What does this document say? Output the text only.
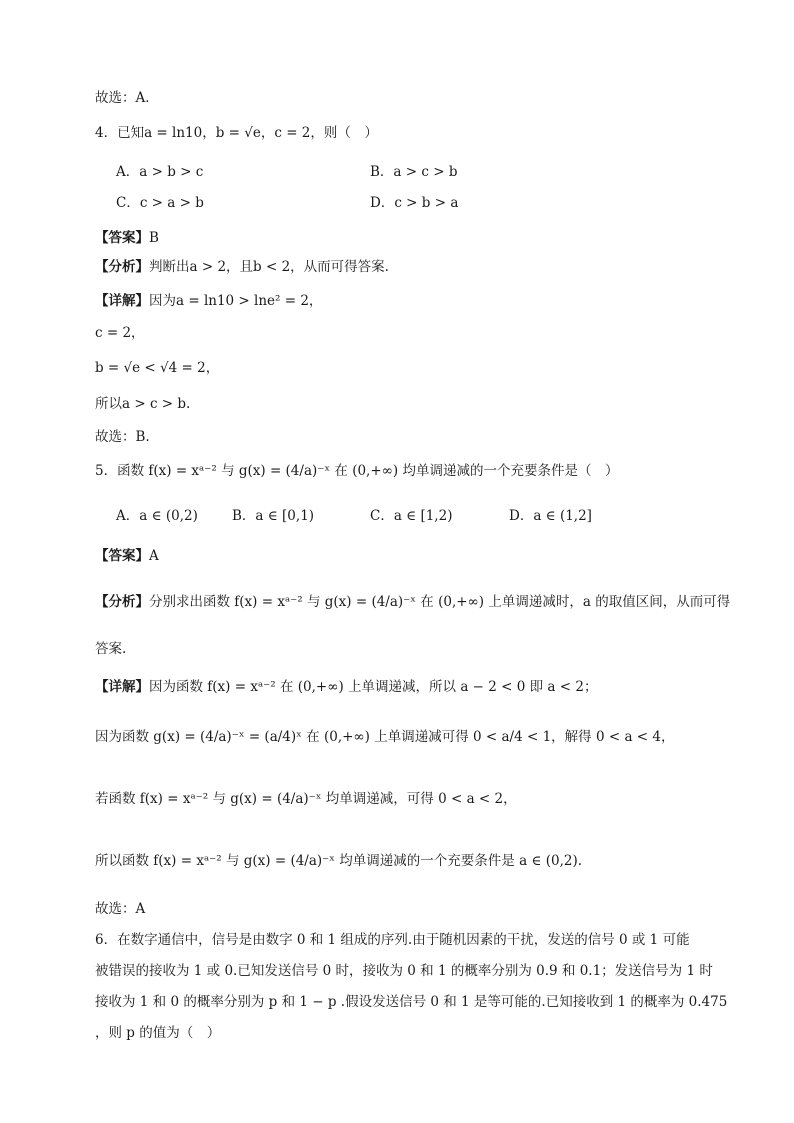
故选：A．
4．已知a = ln10，b = √e，c = 2，则（　）
A．a > b > c	B．a > c > b
C．c > a > b	D．c > b > a
【答案】B
【分析】判断出a > 2，且b < 2，从而可得答案.
【详解】因为a = ln10 > lne² = 2，
c = 2，
b = √e < √4 = 2，
所以a > c > b.
故选：B.
5．函数 f(x) = xᵃ⁻² 与 g(x) = (4/a)⁻ˣ 在 (0,+∞) 均单调递减的一个充要条件是（　）
A．a ∈ (0,2)	B．a ∈ [0,1)	C．a ∈ [1,2)	D．a ∈ (1,2]
【答案】A
【分析】分别求出函数 f(x) = xᵃ⁻² 与 g(x) = (4/a)⁻ˣ 在 (0,+∞) 上单调递减时，a 的取值区间，从而可得
答案.
【详解】因为函数 f(x) = xᵃ⁻² 在 (0,+∞) 上单调递减，所以 a − 2 < 0 即 a < 2；
因为函数 g(x) = (4/a)⁻ˣ = (a/4)ˣ 在 (0,+∞) 上单调递减可得 0 < a/4 < 1，解得 0 < a < 4，
若函数 f(x) = xᵃ⁻² 与 g(x) = (4/a)⁻ˣ 均单调递减，可得 0 < a < 2，
所以函数 f(x) = xᵃ⁻² 与 g(x) = (4/a)⁻ˣ 均单调递减的一个充要条件是 a ∈ (0,2).
故选：A
6．在数字通信中，信号是由数字 0 和 1 组成的序列.由于随机因素的干扰，发送的信号 0 或 1 可能
被错误的接收为 1 或 0.已知发送信号 0 时，接收为 0 和 1 的概率分别为 0.9 和 0.1；发送信号为 1 时
接收为 1 和 0 的概率分别为 p 和 1 − p .假设发送信号 0 和 1 是等可能的.已知接收到 1 的概率为 0.475
，则 p 的值为（　）
